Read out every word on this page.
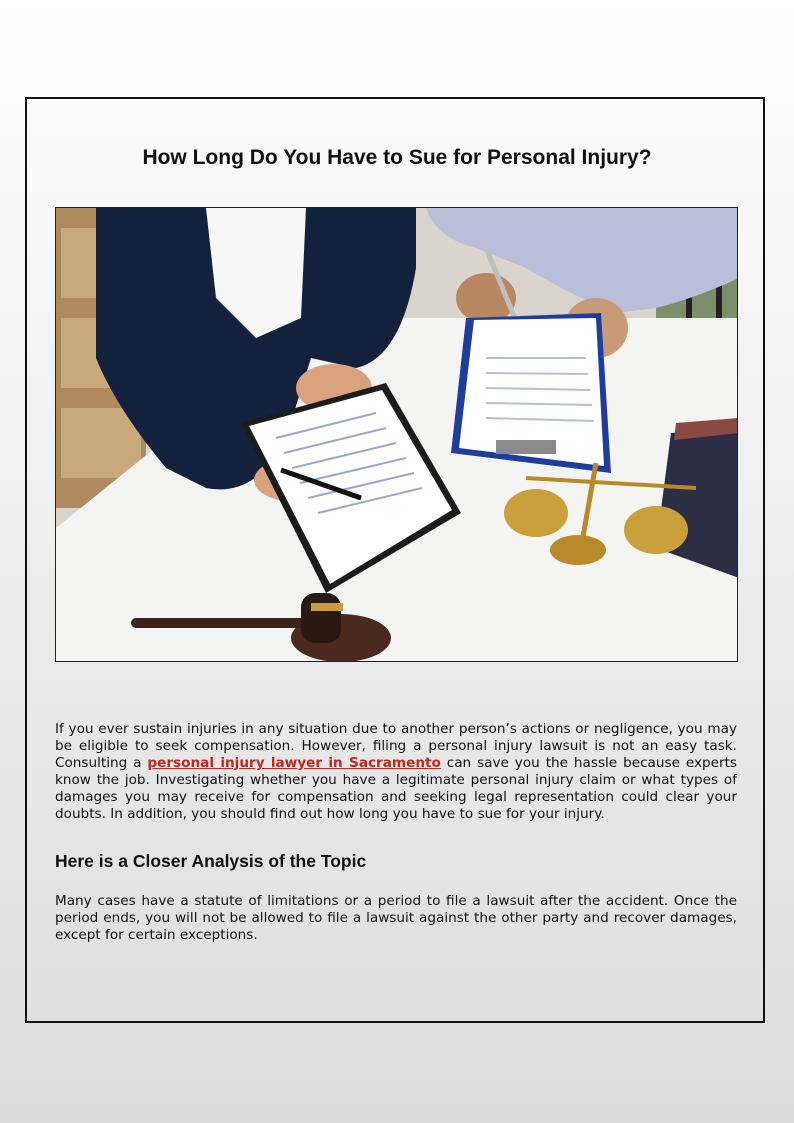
How Long Do You Have to Sue for Personal Injury?

If you ever sustain injuries in any situation due to another person’s actions or negligence, you may be eligible to seek compensation. However, filing a personal injury lawsuit is not an easy task. Consulting a personal injury lawyer in Sacramento can save you the hassle because experts know the job. Investigating whether you have a legitimate personal injury claim or what types of damages you may receive for compensation and seeking legal representation could clear your doubts. In addition, you should find out how long you have to sue for your injury.

Here is a Closer Analysis of the Topic

Many cases have a statute of limitations or a period to file a lawsuit after the accident. Once the period ends, you will not be allowed to file a lawsuit against the other party and recover damages, except for certain exceptions.
